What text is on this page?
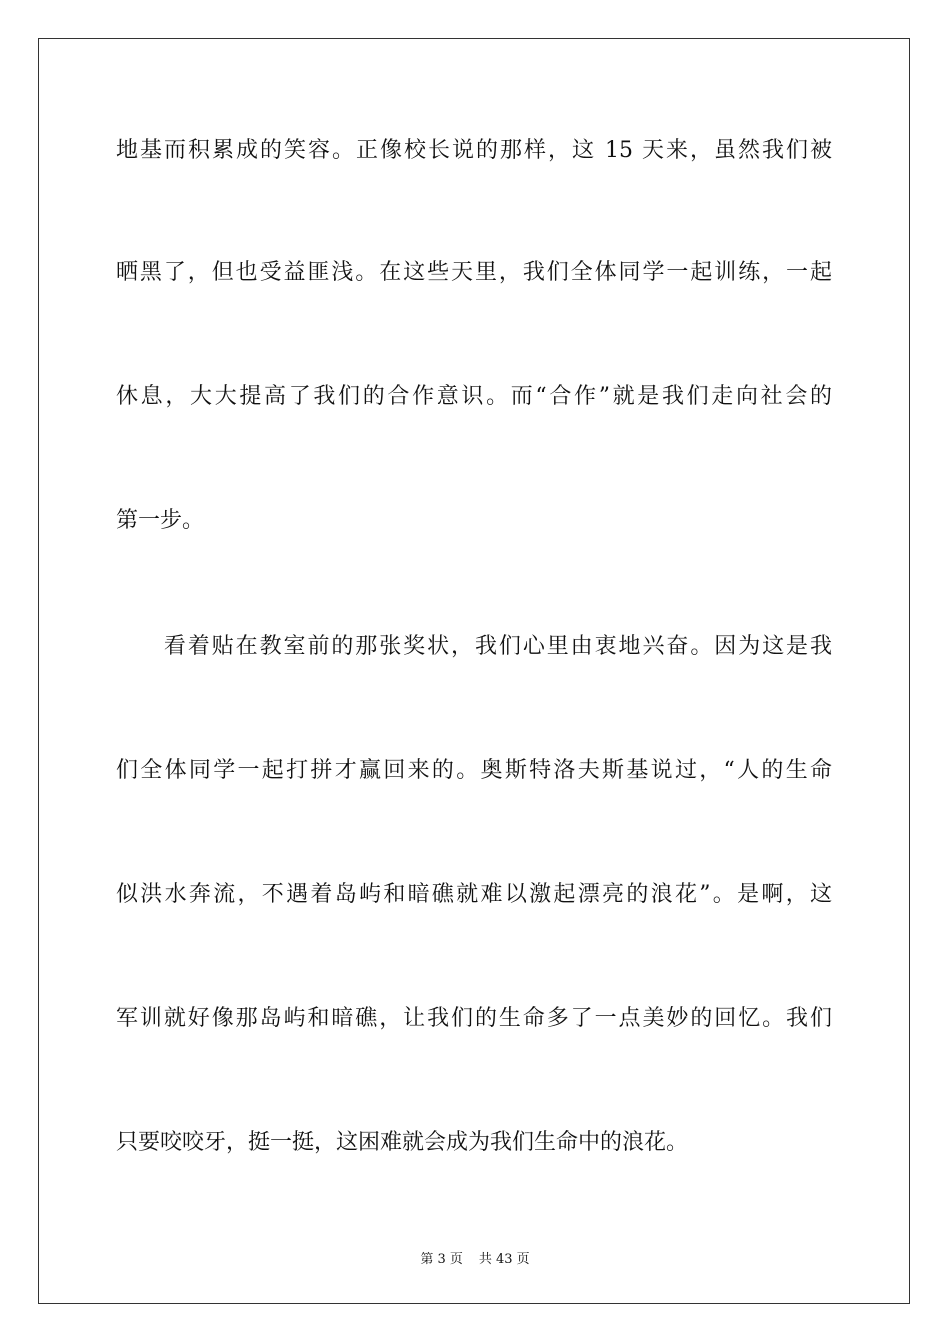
地基而积累成的笑容。正像校长说的那样，这 15 天来，虽然我们被
晒黑了，但也受益匪浅。在这些天里，我们全体同学一起训练，一起
休息，大大提高了我们的合作意识。而“合作”就是我们走向社会的
第一步。
　　看着贴在教室前的那张奖状，我们心里由衷地兴奋。因为这是我
们全体同学一起打拼才赢回来的。奥斯特洛夫斯基说过，“人的生命
似洪水奔流，不遇着岛屿和暗礁就难以激起漂亮的浪花”。是啊，这
军训就好像那岛屿和暗礁，让我们的生命多了一点美妙的回忆。我们
只要咬咬牙，挺一挺，这困难就会成为我们生命中的浪花。
第 3 页 共 43 页
